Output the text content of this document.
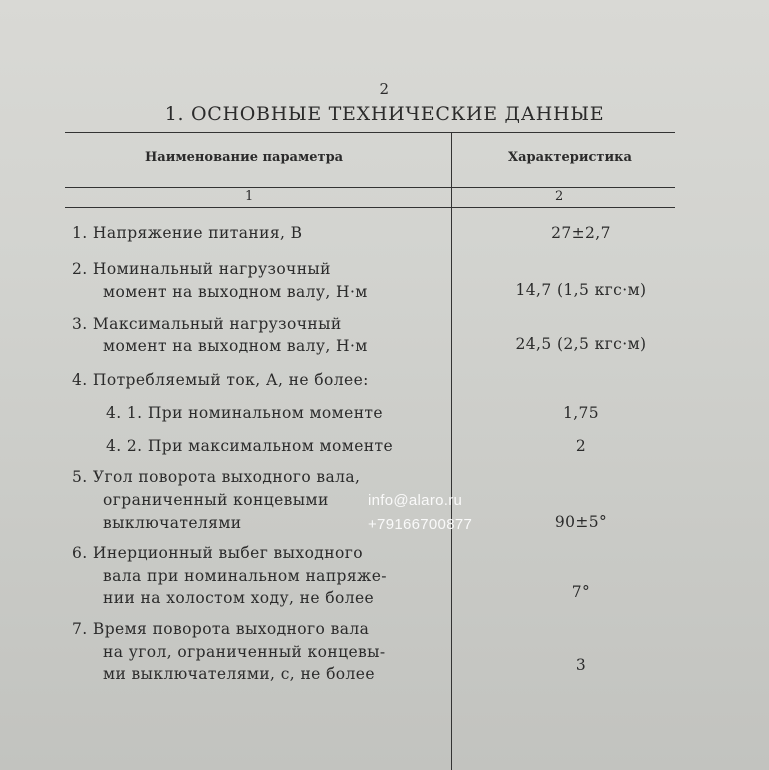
2
1. ОСНОВНЫЕ ТЕХНИЧЕСКИЕ ДАННЫЕ
Наименование параметра	Характеристика
1	2
1. Напряжение питания, В	27±2,7
2. Номинальный нагрузочный
момент на выходном валу, Н·м	14,7 (1,5 кгс·м)
3. Максимальный нагрузочный
момент на выходном валу, Н·м	24,5 (2,5 кгс·м)
4. Потребляемый ток, А, не более:
4. 1. При номинальном моменте	1,75
4. 2. При максимальном моменте	2
5. Угол поворота выходного вала,
ограниченный концевыми
выключателями	90±5°
6. Инерционный выбег выходного
вала при номинальном напряже-
нии на холостом ходу, не более	7°
7. Время поворота выходного вала
на угол, ограниченный концевы-
ми выключателями, с, не более	3
info@alaro.ru
+79166700877
